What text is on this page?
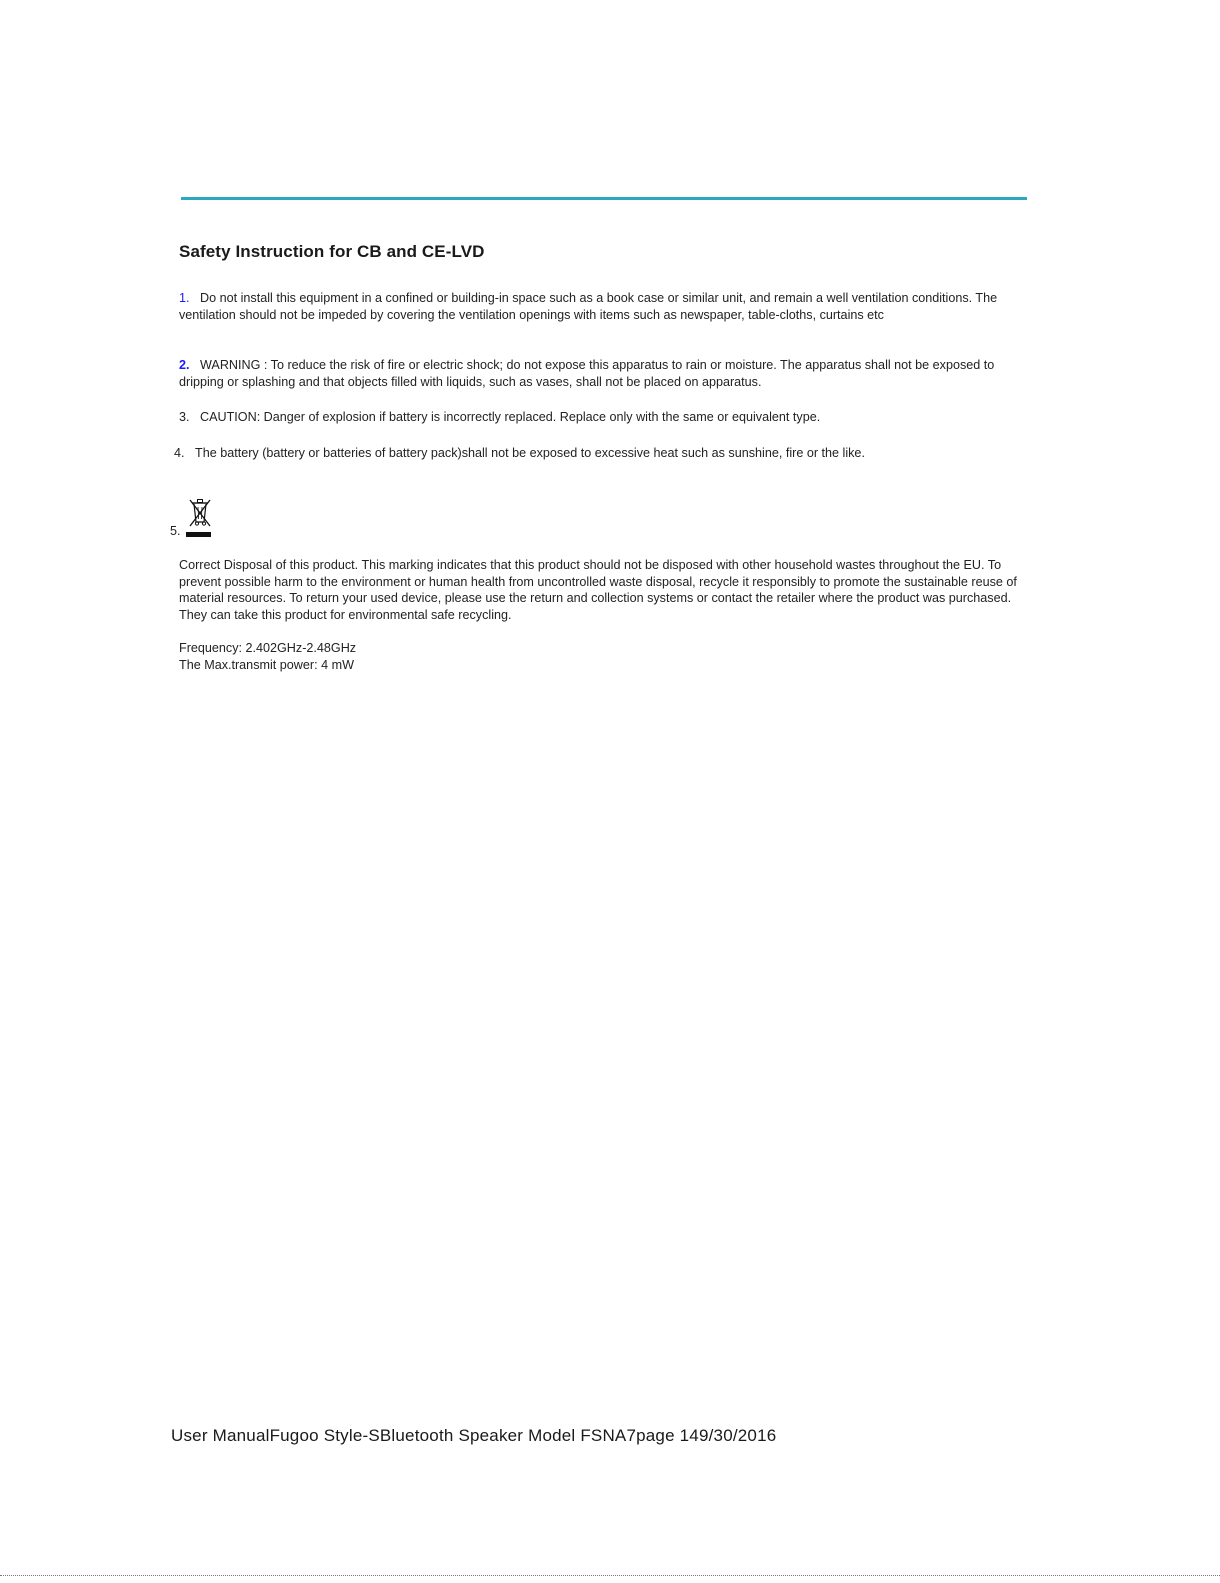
Safety Instruction for CB and CE-LVD
1. Do not install this equipment in a confined or building-in space such as a book case or similar unit, and remain a well ventilation conditions. The ventilation should not be impeded by covering the ventilation openings with items such as newspaper, table-cloths, curtains etc
2. WARNING : To reduce the risk of fire or electric shock; do not expose this apparatus to rain or moisture. The apparatus shall not be exposed to dripping or splashing and that objects filled with liquids, such as vases, shall not be placed on apparatus.
3. CAUTION: Danger of explosion if battery is incorrectly replaced. Replace only with the same or equivalent type.
4. The battery (battery or batteries of battery pack)shall not be exposed to excessive heat such as sunshine, fire or the like.
5.

Correct Disposal of this product. This marking indicates that this product should not be disposed with other household wastes throughout the EU. To prevent possible harm to the environment or human health from uncontrolled waste disposal, recycle it responsibly to promote the sustainable reuse of material resources. To return your used device, please use the return and collection systems or contact the retailer where the product was purchased. They can take this product for environmental safe recycling.

Frequency: 2.402GHz-2.48GHz
The Max.transmit power: 4 mW
User ManualFugoo Style-SBluetooth Speaker Model FSNA7page 149/30/2016
